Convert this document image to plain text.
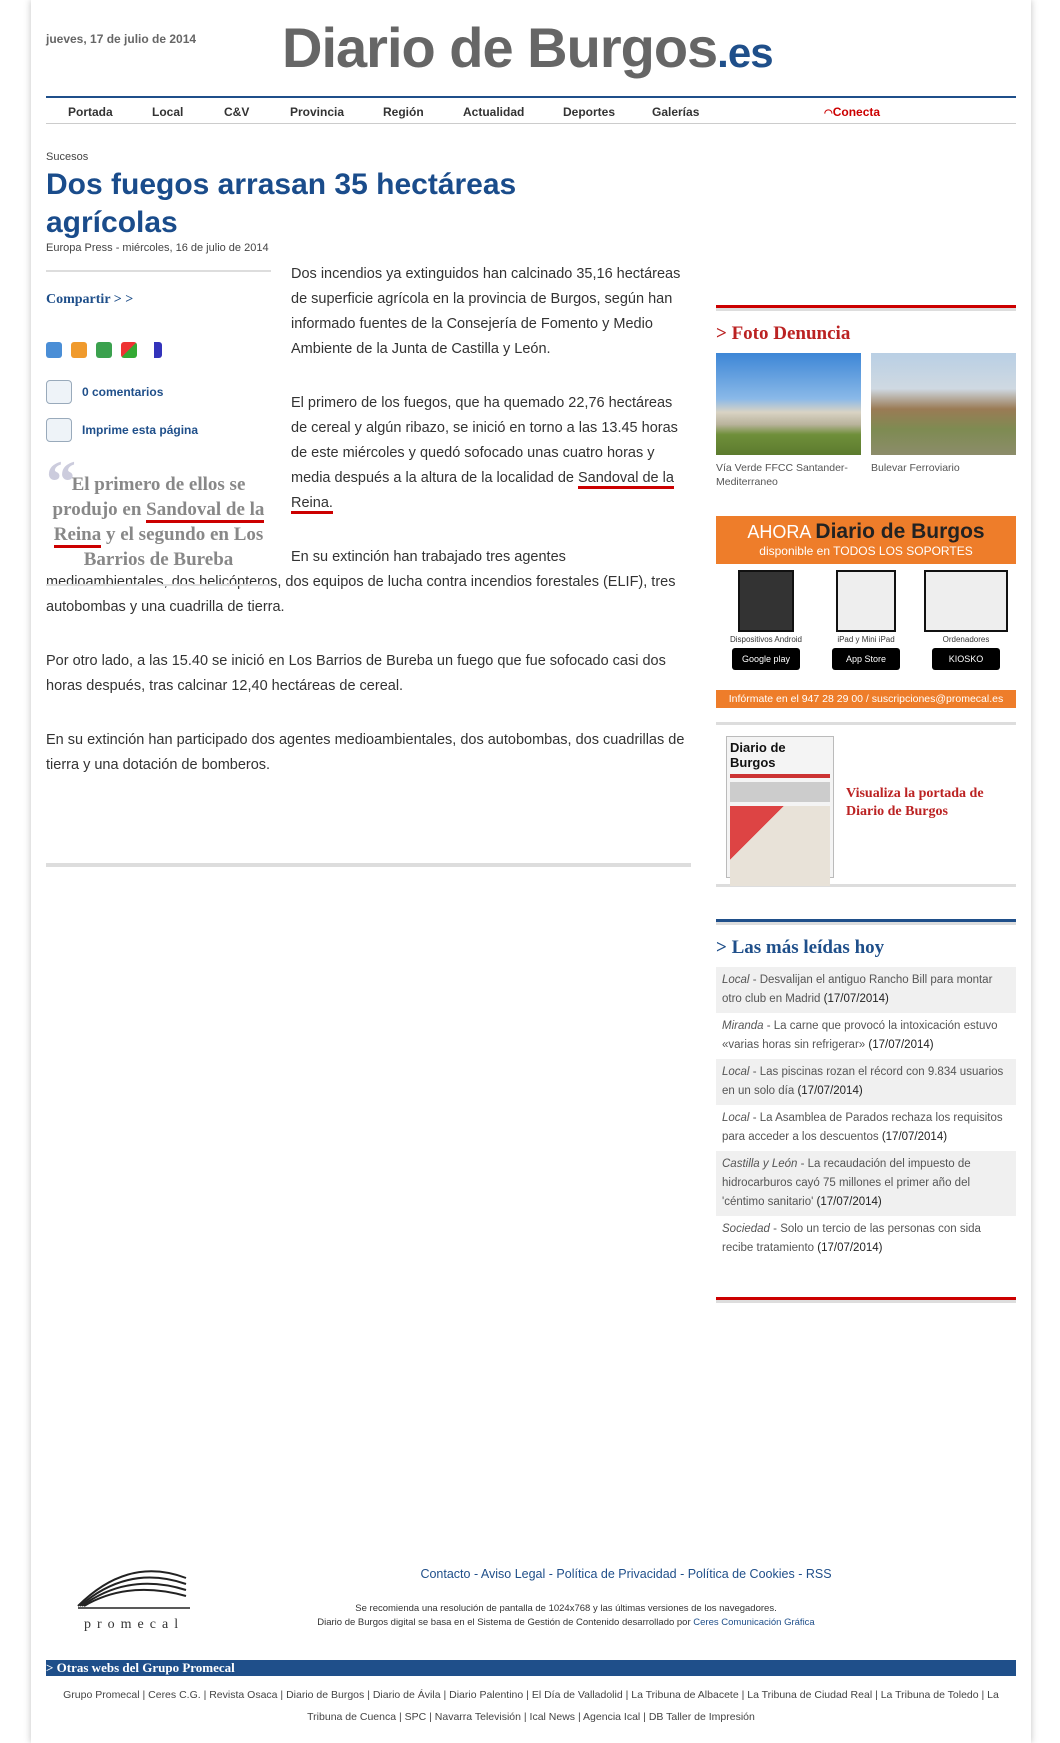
jueves, 17 de julio de 2014 Diario de Burgos.es
Portada	Local	C&V	Provincia	Región	Actualidad	Deportes	Galerías	◠Conecta
Sucesos
Dos fuegos arrasan 35 hectáreas agrícolas
Europa Press - miércoles, 16 de julio de 2014

Dos incendios ya extinguidos han calcinado 35,16 hectáreas de superficie agrícola en la provincia de Burgos, según han informado fuentes de la Consejería de Fomento y Medio Ambiente de la Junta de Castilla y León.

El primero de los fuegos, que ha quemado 22,76 hectáreas de cereal y algún ribazo, se inició en torno a las 13.45 horas de este miércoles y quedó sofocado unas cuatro horas y media después a la altura de la localidad de Sandoval de la Reina.

En su extinción han trabajado tres agentes medioambientales, dos helicópteros, dos equipos de lucha contra incendios forestales (ELIF), tres autobombas y una cuadrilla de tierra.

Por otro lado, a las 15.40 se inició en Los Barrios de Bureba un fuego que fue sofocado casi dos horas después, tras calcinar 12,40 hectáreas de cereal.

En su extinción han participado dos agentes medioambientales, dos autobombas, dos cuadrillas de tierra y una dotación de bomberos.

Compartir > >
0 comentarios
Imprime esta página
“
El primero de ellos se produjo en Sandoval de la Reina y el segundo en Los Barrios de Bureba
> Foto Denuncia
Vía Verde FFCC Santander-Mediterraneo
Bulevar Ferroviario
AHORA Diario de Burgos
disponible en TODOS LOS SOPORTES
Dispositivos Android
Google play
iPad y Mini iPad
App Store
Ordenadores
KIOSKO
Infórmate en el 947 28 29 00 / suscripciones@promecal.es
Diario de Burgos
Visualiza la portada de Diario de Burgos
> Las más leídas hoy
Local - Desvalijan el antiguo Rancho Bill para montar otro club en Madrid (17/07/2014)
Miranda - La carne que provocó la intoxicación estuvo «varias horas sin refrigerar» (17/07/2014)
Local - Las piscinas rozan el récord con 9.834 usuarios en un solo día (17/07/2014)
Local - La Asamblea de Parados rechaza los requisitos para acceder a los descuentos (17/07/2014)
Castilla y León - La recaudación del impuesto de hidrocarburos cayó 75 millones el primer año del 'céntimo sanitario' (17/07/2014)
Sociedad - Solo un tercio de las personas con sida recibe tratamiento (17/07/2014)
promecal
Contacto - Aviso Legal - Política de Privacidad - Política de Cookies - RSS
Se recomienda una resolución de pantalla de 1024x768 y las últimas versiones de los navegadores.
Diario de Burgos digital se basa en el Sistema de Gestión de Contenido desarrollado por Ceres Comunicación Gráfica
> Otras webs del Grupo Promecal
Grupo Promecal | Ceres C.G. | Revista Osaca | Diario de Burgos | Diario de Ávila | Diario Palentino | El Día de Valladolid | La Tribuna de Albacete | La Tribuna de Ciudad Real | La Tribuna de Toledo | La Tribuna de Cuenca | SPC | Navarra Televisión | Ical News | Agencia Ical | DB Taller de Impresión
